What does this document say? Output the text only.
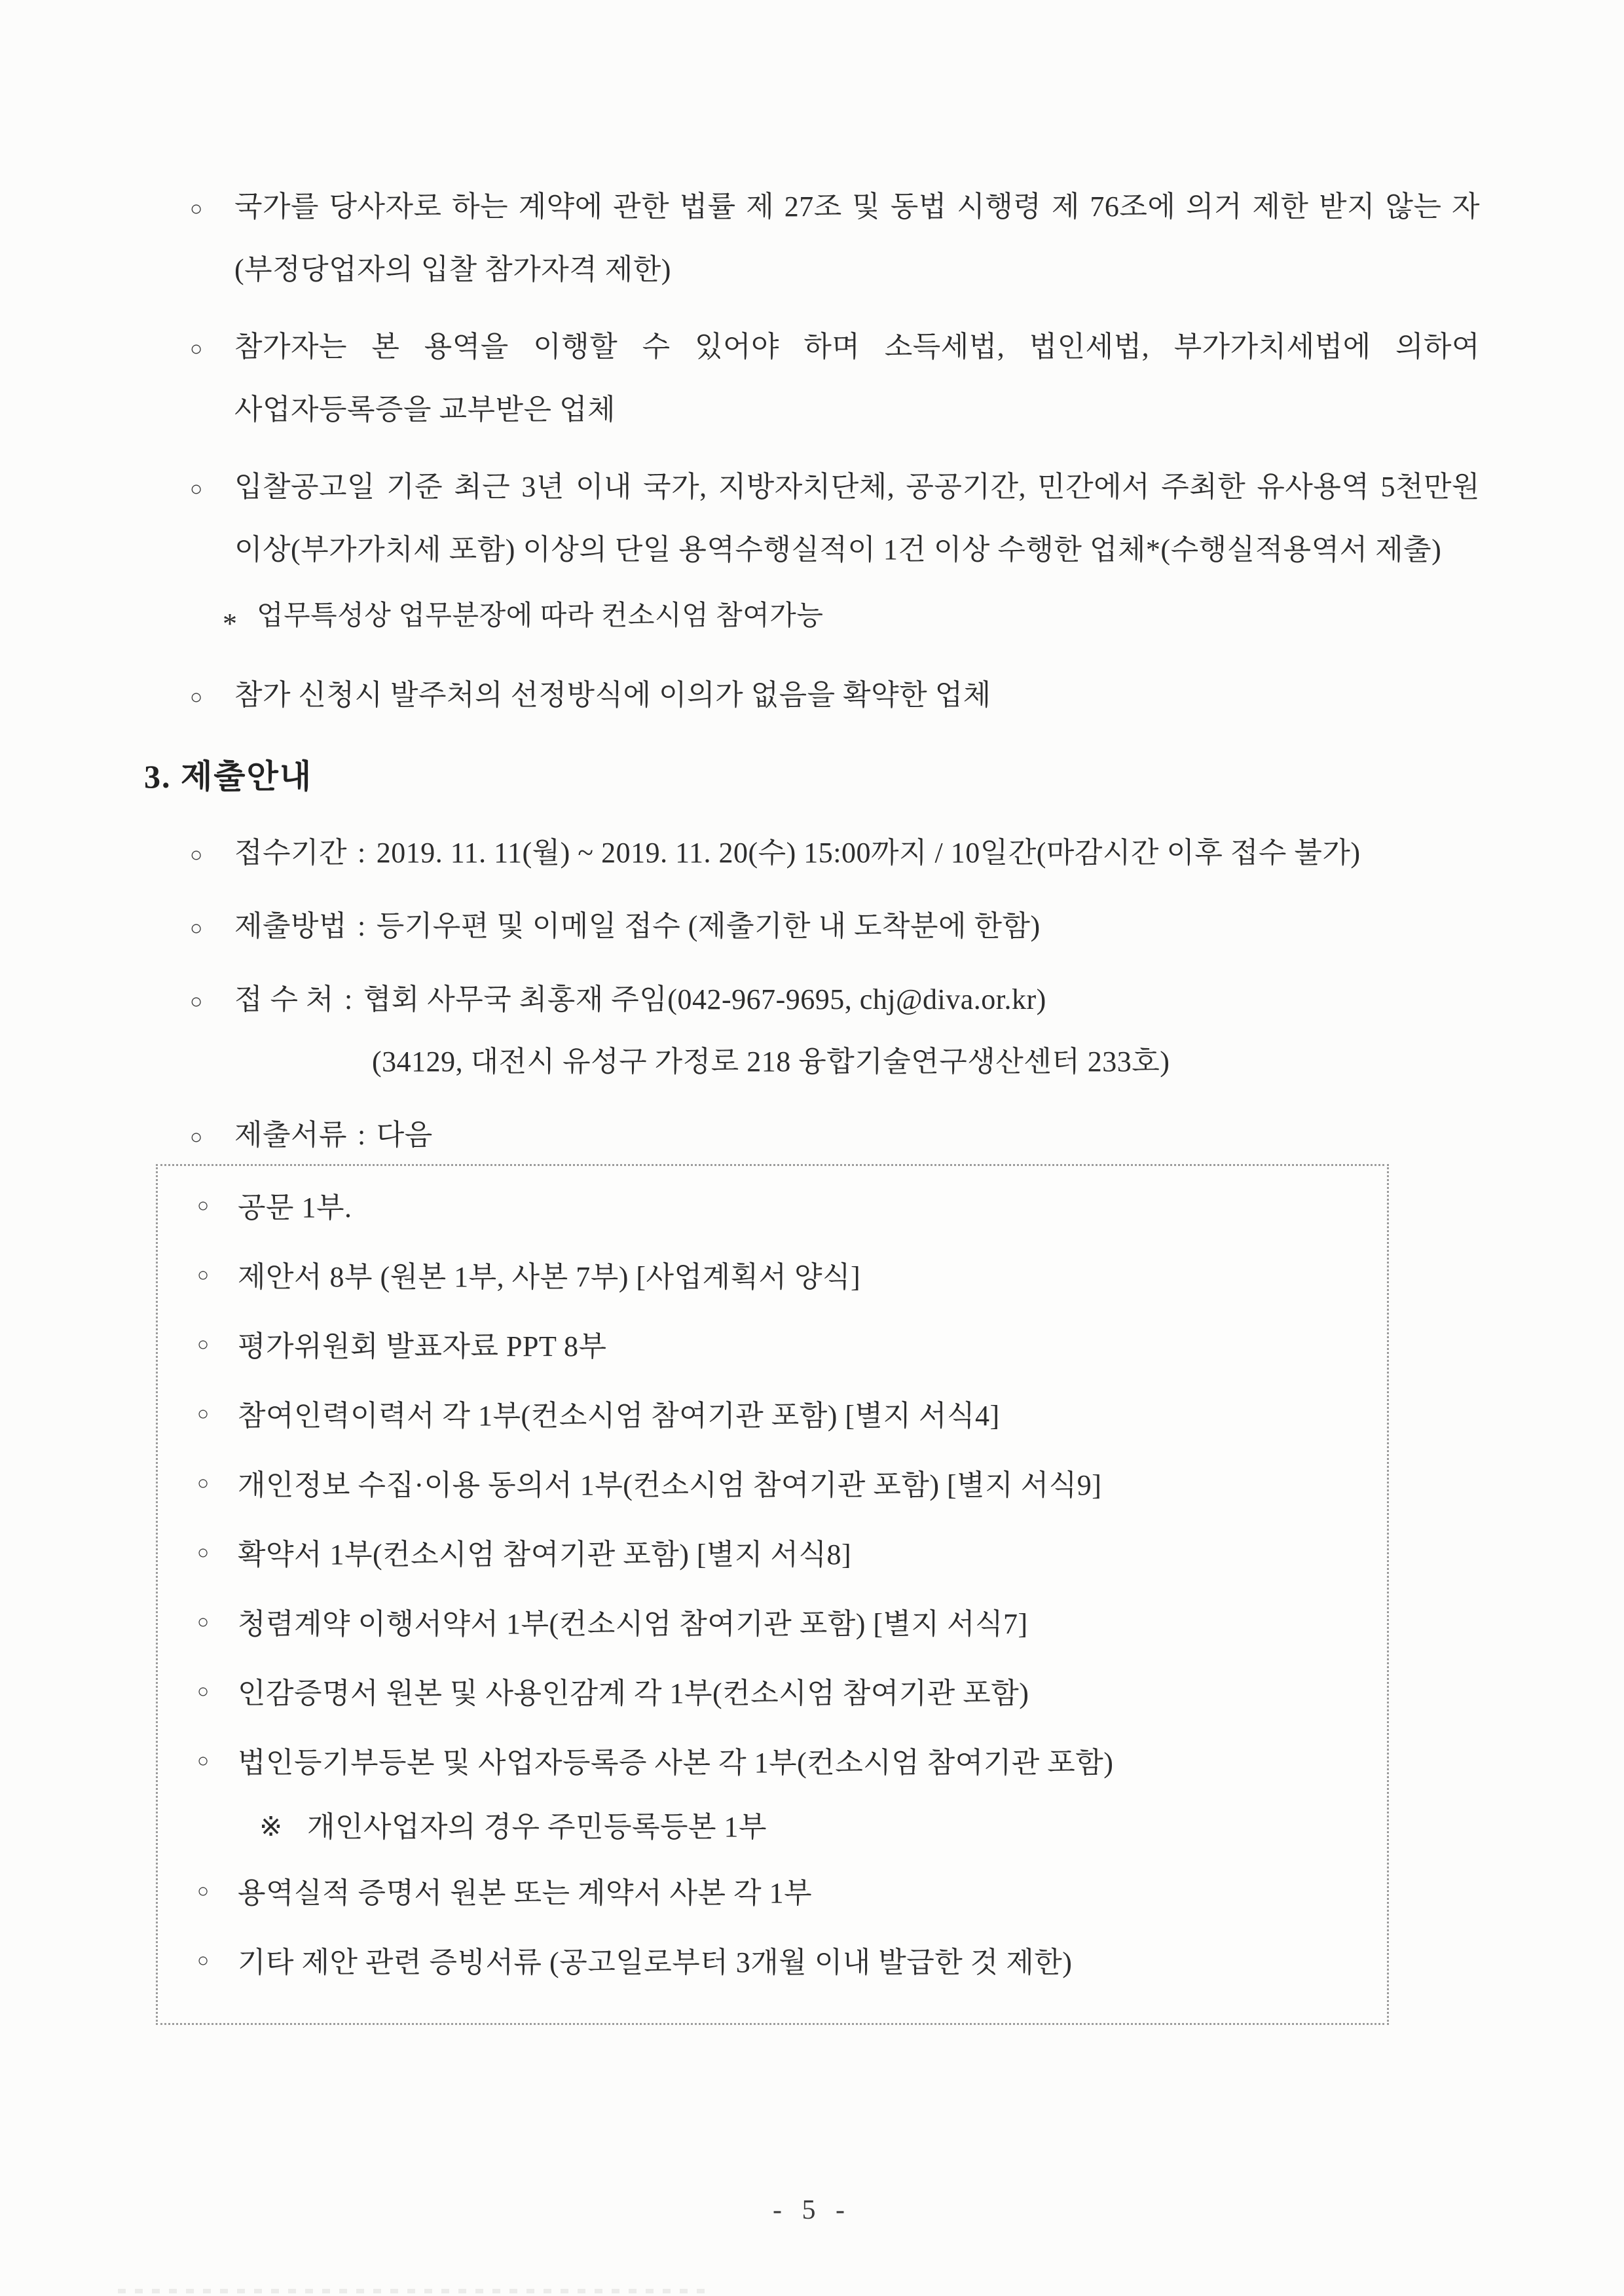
○ 국가를 당사자로 하는 계약에 관한 법률 제 27조 및 동법 시행령 제 76조에 의거 제한 받지 않는 자(부정당업자의 입찰 참가자격 제한)
○ 참가자는 본 용역을 이행할 수 있어야 하며 소득세법, 법인세법, 부가가치세법에 의하여 사업자등록증을 교부받은 업체
○ 입찰공고일 기준 최근 3년 이내 국가, 지방자치단체, 공공기간, 민간에서 주최한 유사용역 5천만원 이상(부가가치세 포함) 이상의 단일 용역수행실적이 1건 이상 수행한 업체*(수행실적용역서 제출)
* 업무특성상 업무분장에 따라 컨소시엄 참여가능
○ 참가 신청시 발주처의 선정방식에 이의가 없음을 확약한 업체
3. 제출안내
○ 접수기간 : 2019. 11. 11(월) ~ 2019. 11. 20(수) 15:00까지 / 10일간(마감시간 이후 접수 불가)
○ 제출방법 : 등기우편 및 이메일 접수 (제출기한 내 도착분에 한함)
○ 접 수 처 : 협회 사무국 최홍재 주임(042-967-9695, chj@diva.or.kr)
(34129, 대전시 유성구 가정로 218 융합기술연구생산센터 233호)
○ 제출서류 : 다음
○ 공문 1부.
○ 제안서 8부 (원본 1부, 사본 7부) [사업계획서 양식]
○ 평가위원회 발표자료 PPT 8부
○ 참여인력이력서 각 1부(컨소시엄 참여기관 포함) [별지 서식4]
○ 개인정보 수집·이용 동의서 1부(컨소시엄 참여기관 포함) [별지 서식9]
○ 확약서 1부(컨소시엄 참여기관 포함) [별지 서식8]
○ 청렴계약 이행서약서 1부(컨소시엄 참여기관 포함) [별지 서식7]
○ 인감증명서 원본 및 사용인감계 각 1부(컨소시엄 참여기관 포함)
○ 법인등기부등본 및 사업자등록증 사본 각 1부(컨소시엄 참여기관 포함)
※ 개인사업자의 경우 주민등록등본 1부
○ 용역실적 증명서 원본 또는 계약서 사본 각 1부
○ 기타 제안 관련 증빙서류 (공고일로부터 3개월 이내 발급한 것 제한)
- 5 -
